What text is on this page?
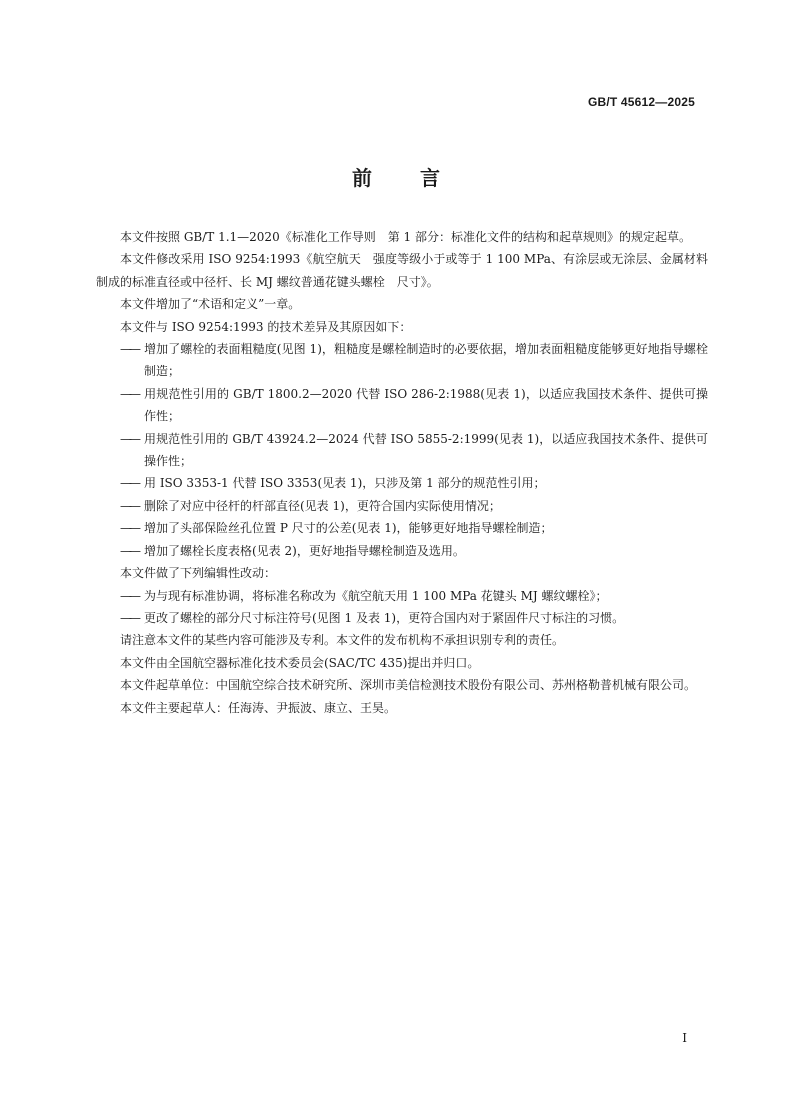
GB/T 45612—2025
前　言

本文件按照 GB/T 1.1—2020《标准化工作导则　第 1 部分：标准化文件的结构和起草规则》的规定起草。

本文件修改采用 ISO 9254:1993《航空航天　强度等级小于或等于 1 100 MPa、有涂层或无涂层、金属材料制成的标准直径或中径杆、长 MJ 螺纹普通花键头螺栓　尺寸》。

本文件增加了“术语和定义”一章。

本文件与 ISO 9254:1993 的技术差异及其原因如下：

—— 增加了螺栓的表面粗糙度(见图 1)，粗糙度是螺栓制造时的必要依据，增加表面粗糙度能够更好地指导螺栓制造；

—— 用规范性引用的 GB/T 1800.2—2020 代替 ISO 286-2:1988(见表 1)，以适应我国技术条件、提供可操作性；

—— 用规范性引用的 GB/T 43924.2—2024 代替 ISO 5855-2:1999(见表 1)，以适应我国技术条件、提供可操作性；

—— 用 ISO 3353-1 代替 ISO 3353(见表 1)，只涉及第 1 部分的规范性引用；

—— 删除了对应中径杆的杆部直径(见表 1)，更符合国内实际使用情况；

—— 增加了头部保险丝孔位置 P 尺寸的公差(见表 1)，能够更好地指导螺栓制造；

—— 增加了螺栓长度表格(见表 2)，更好地指导螺栓制造及选用。

本文件做了下列编辑性改动：

—— 为与现有标准协调，将标准名称改为《航空航天用 1 100 MPa 花键头 MJ 螺纹螺栓》；

—— 更改了螺栓的部分尺寸标注符号(见图 1 及表 1)，更符合国内对于紧固件尺寸标注的习惯。

请注意本文件的某些内容可能涉及专利。本文件的发布机构不承担识别专利的责任。

本文件由全国航空器标准化技术委员会(SAC/TC 435)提出并归口。

本文件起草单位：中国航空综合技术研究所、深圳市美信检测技术股份有限公司、苏州格勒普机械有限公司。

本文件主要起草人：任海涛、尹振波、康立、王昊。

I
